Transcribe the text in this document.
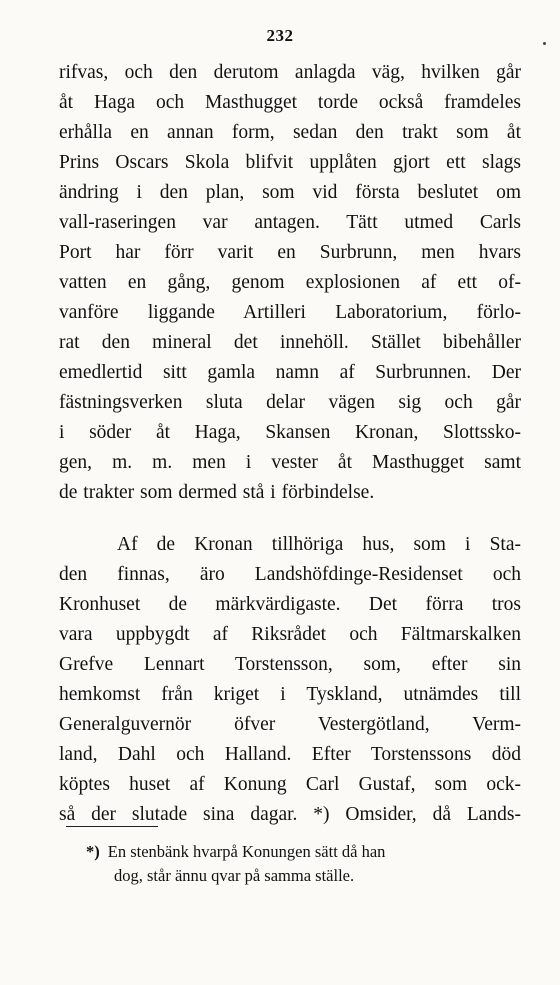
232
rifvas, och den derutom anlagda väg, hvilken går
åt Haga och Masthugget torde också framdeles
erhålla en annan form, sedan den trakt som åt
Prins Oscars Skola blifvit upplåten gjort ett slags
ändring i den plan, som vid första beslutet om
vall-raseringen var antagen. Tätt utmed Carls
Port har förr varit en Surbrunn, men hvars
vatten en gång, genom explosionen af ett of-
vanföre liggande Artilleri Laboratorium, förlo-
rat den mineral det innehöll. Stället bibehåller
emedlertid sitt gamla namn af Surbrunnen. Der
fästningsverken sluta delar vägen sig och går
i söder åt Haga, Skansen Kronan, Slottssko-
gen, m. m. men i vester åt Masthugget samt
de trakter som dermed stå i förbindelse.
Af de Kronan tillhöriga hus, som i Sta-
den finnas, äro Landshöfdinge-Residenset och
Kronhuset de märkvärdigaste. Det förra tros
vara uppbygdt af Riksrådet och Fältmarskalken
Grefve Lennart Torstensson, som, efter sin
hemkomst från kriget i Tyskland, utnämdes till
Generalguvernör öfver Vestergötland, Verm-
land, Dahl och Halland. Efter Torstenssons död
köptes huset af Konung Carl Gustaf, som ock-
så der slutade sina dagar. *) Omsider, då Lands-
*) En stenbänk hvarpå Konungen sätt då han
dog, står ännu qvar på samma ställe.
